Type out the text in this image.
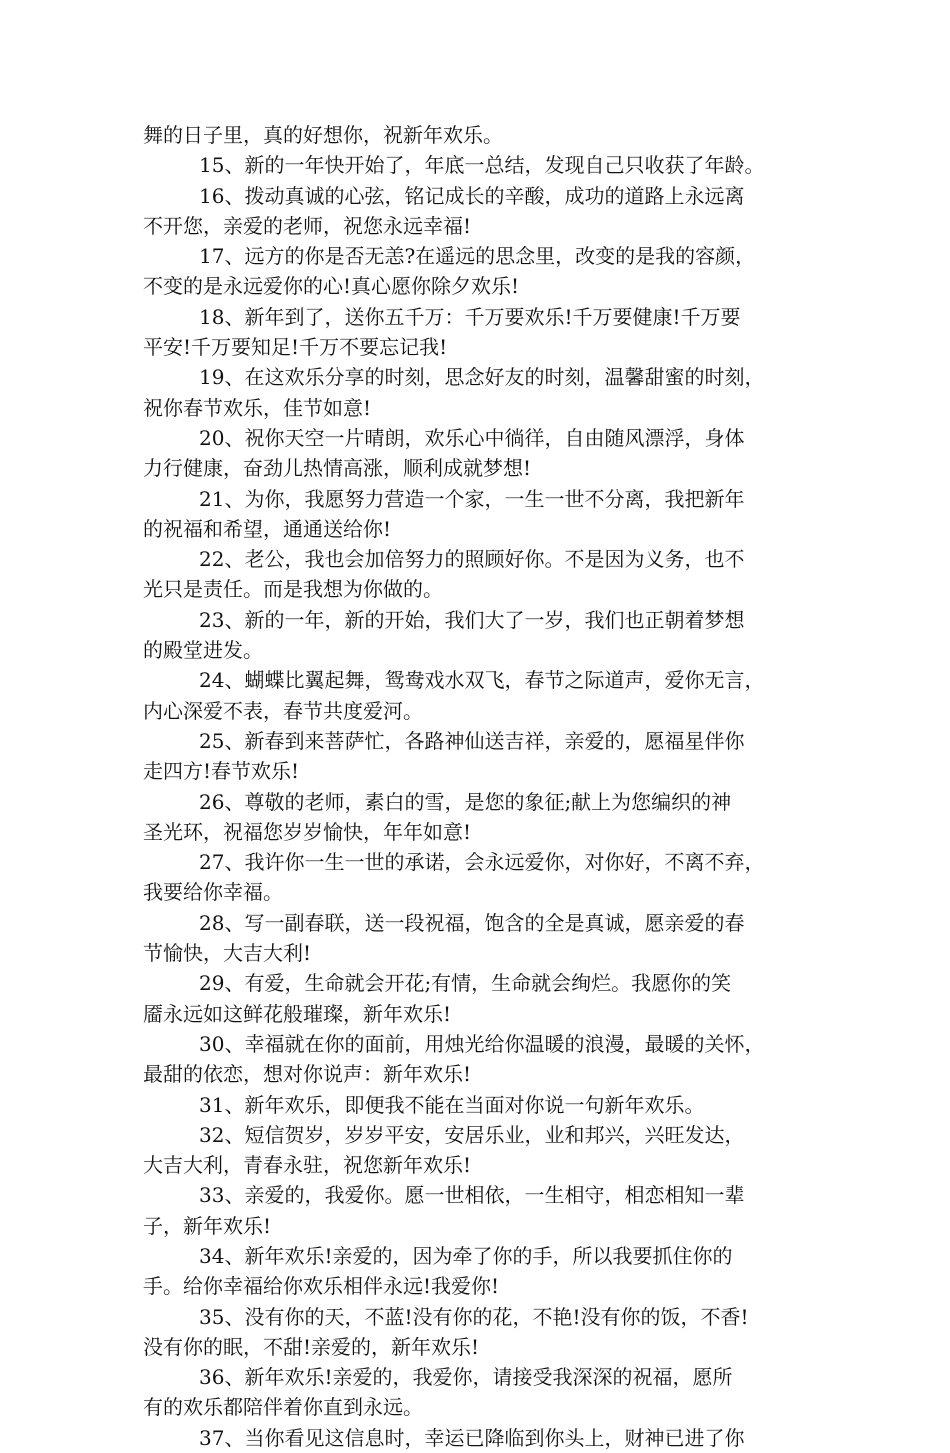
舞的日子里，真的好想你，祝新年欢乐。
15、新的一年快开始了，年底一总结，发现自己只收获了年龄。
16、拨动真诚的心弦，铭记成长的辛酸，成功的道路上永远离
不开您，亲爱的老师，祝您永远幸福!
17、远方的你是否无恙?在遥远的思念里，改变的是我的容颜，
不变的是永远爱你的心!真心愿你除夕欢乐!
18、新年到了，送你五千万：千万要欢乐!千万要健康!千万要
平安!千万要知足!千万不要忘记我!
19、在这欢乐分享的时刻，思念好友的时刻，温馨甜蜜的时刻，
祝你春节欢乐，佳节如意!
20、祝你天空一片晴朗，欢乐心中徜徉，自由随风漂浮，身体
力行健康，奋劲儿热情高涨，顺利成就梦想!
21、为你，我愿努力营造一个家，一生一世不分离，我把新年
的祝福和希望，通通送给你!
22、老公，我也会加倍努力的照顾好你。不是因为义务，也不
光只是责任。而是我想为你做的。
23、新的一年，新的开始，我们大了一岁，我们也正朝着梦想
的殿堂进发。
24、蝴蝶比翼起舞，鸳鸯戏水双飞，春节之际道声，爱你无言，
内心深爱不表，春节共度爱河。
25、新春到来菩萨忙，各路神仙送吉祥，亲爱的，愿福星伴你
走四方!春节欢乐!
26、尊敬的老师，素白的雪，是您的象征;献上为您编织的神
圣光环，祝福您岁岁愉快，年年如意!
27、我许你一生一世的承诺，会永远爱你，对你好，不离不弃，
我要给你幸福。
28、写一副春联，送一段祝福，饱含的全是真诚，愿亲爱的春
节愉快，大吉大利!
29、有爱，生命就会开花;有情，生命就会绚烂。我愿你的笑
靥永远如这鲜花般璀璨，新年欢乐!
30、幸福就在你的面前，用烛光给你温暖的浪漫，最暖的关怀，
最甜的依恋，想对你说声：新年欢乐!
31、新年欢乐，即便我不能在当面对你说一句新年欢乐。
32、短信贺岁，岁岁平安，安居乐业，业和邦兴，兴旺发达，
大吉大利，青春永驻，祝您新年欢乐!
33、亲爱的，我爱你。愿一世相依，一生相守，相恋相知一辈
子，新年欢乐!
34、新年欢乐!亲爱的，因为牵了你的手，所以我要抓住你的
手。给你幸福给你欢乐相伴永远!我爱你!
35、没有你的天，不蓝!没有你的花，不艳!没有你的饭，不香!
没有你的眠，不甜!亲爱的，新年欢乐!
36、新年欢乐!亲爱的，我爱你，请接受我深深的祝福，愿所
有的欢乐都陪伴着你直到永远。
37、当你看见这信息时，幸运已降临到你头上，财神已进了你
